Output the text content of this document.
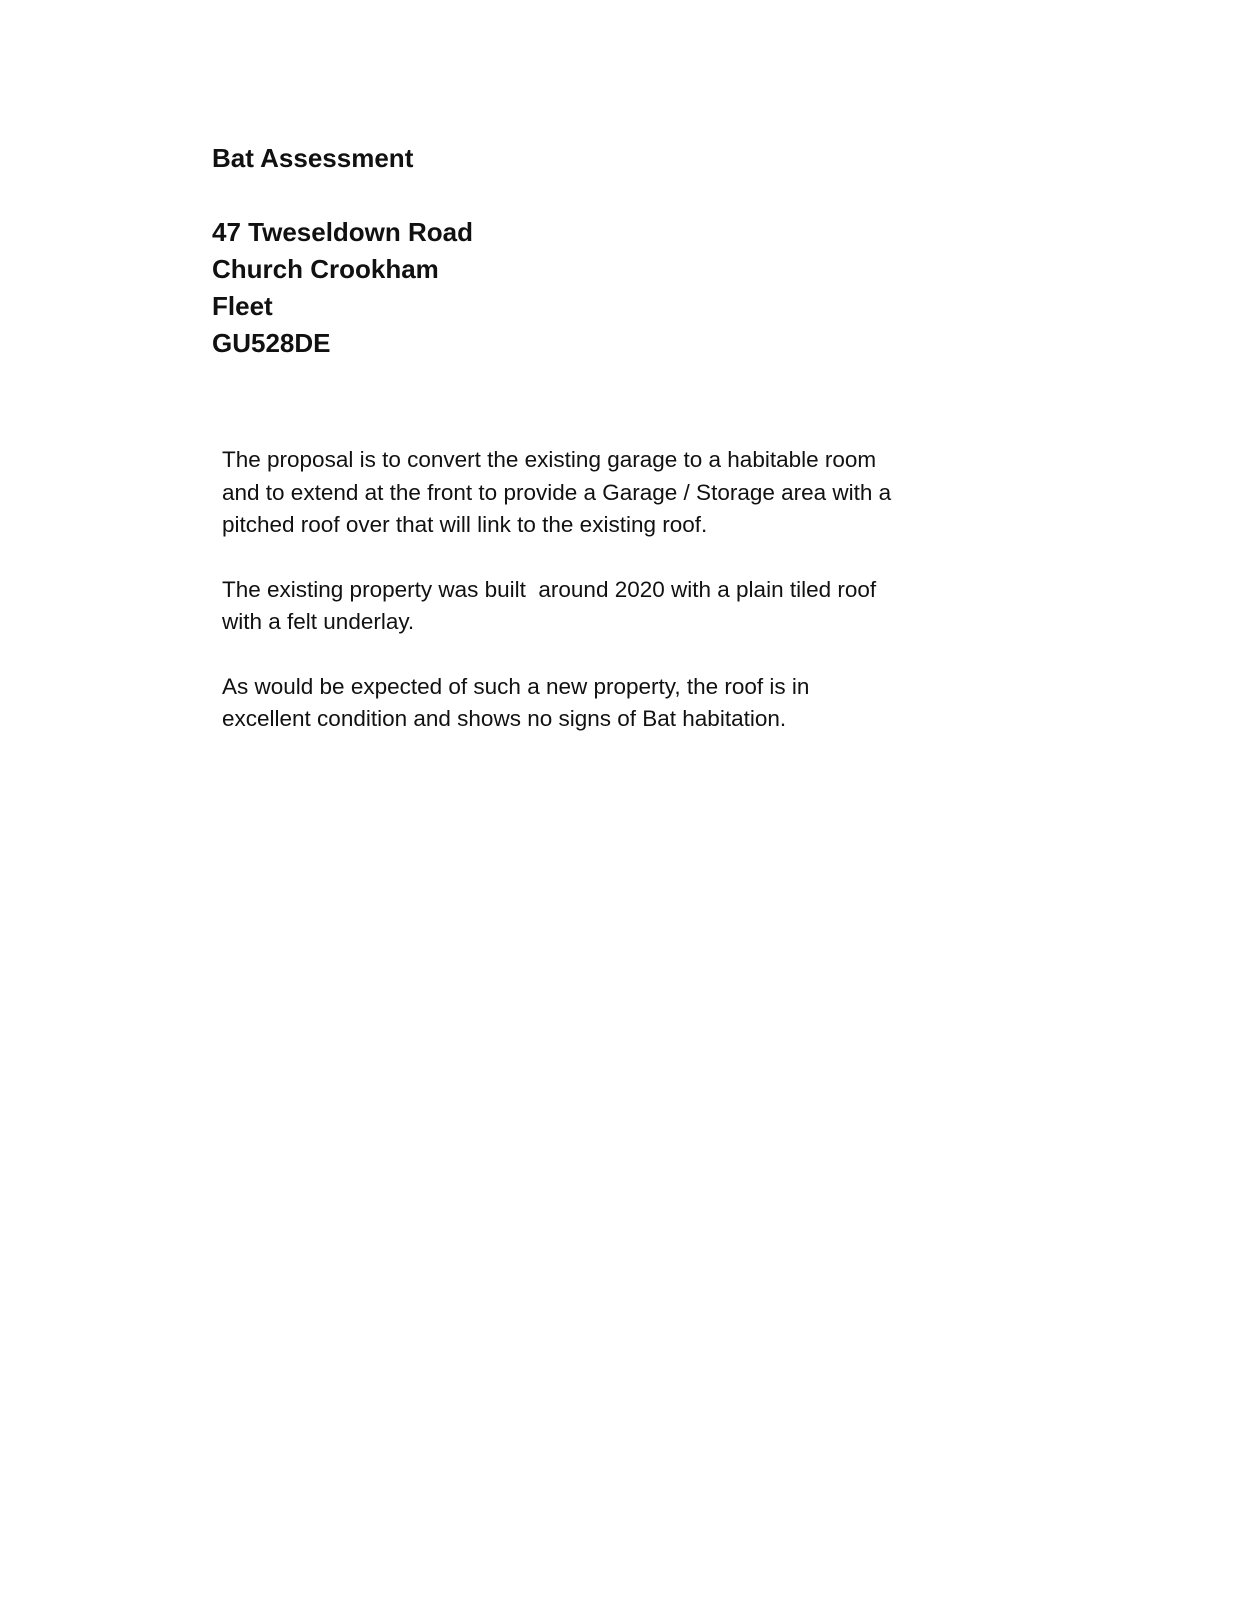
Bat Assessment
47 Tweseldown Road
Church Crookham
Fleet
GU528DE

The proposal is to convert the existing garage to a habitable room
and to extend at the front to provide a Garage / Storage area with a
pitched roof over that will link to the existing roof.

The existing property was built  around 2020 with a plain tiled roof
with a felt underlay.

As would be expected of such a new property, the roof is in
excellent condition and shows no signs of Bat habitation.
